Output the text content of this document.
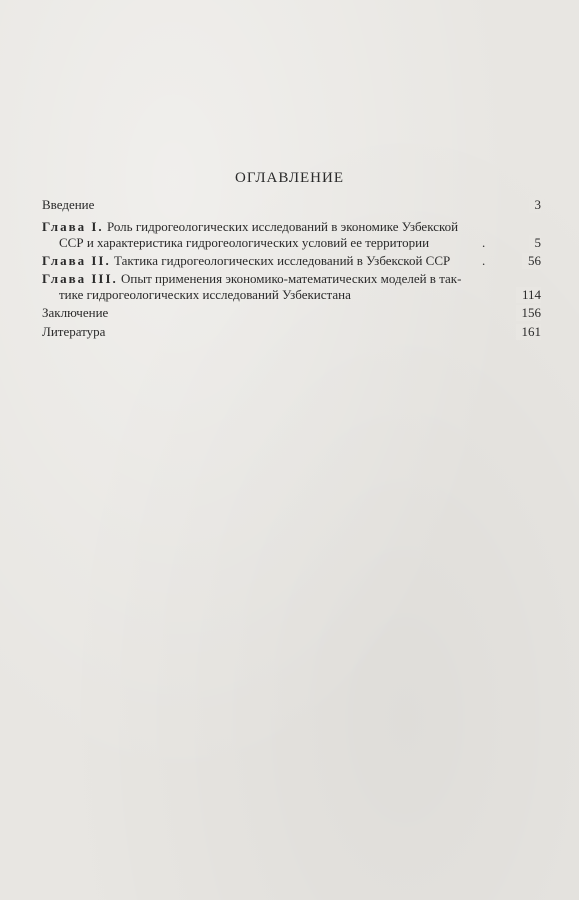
ОГЛАВЛЕНИЕ
Введение	3
Глава I. Роль гидрогеологических исследований в экономике Узбекской
ССР и характеристика гидрогеологических условий ее территории	.	5
Глава II. Тактика гидрогеологических исследований в Узбекской ССР .	56
Глава III. Опыт применения экономико-математических моделей в так-
тике гидрогеологических исследований Узбекистана	114
Заключение	156
Литература	161
